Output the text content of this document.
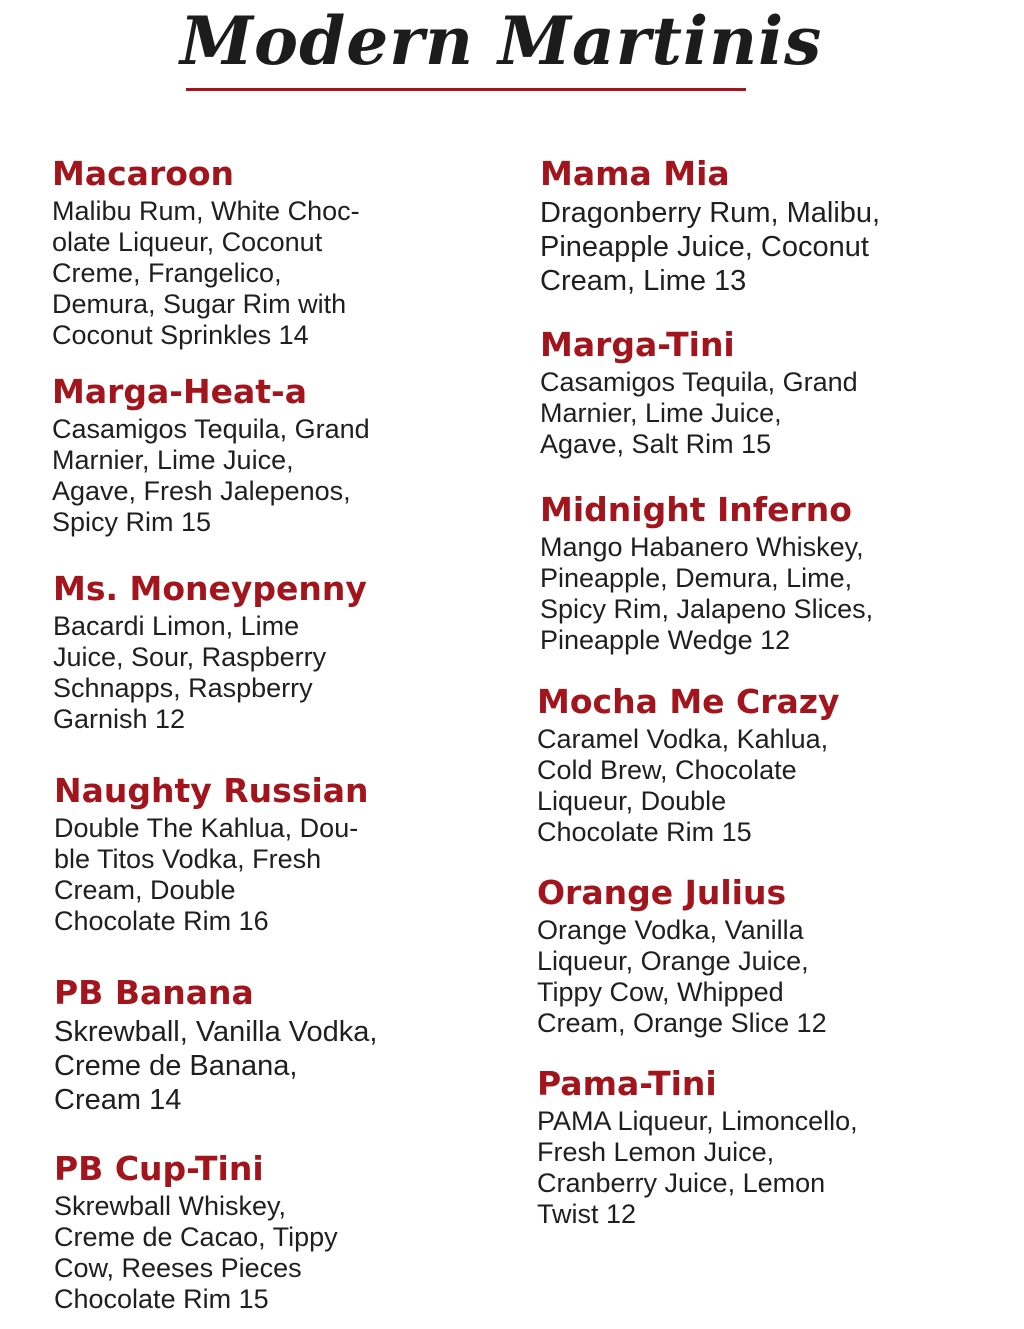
Modern Martinis
Macaroon
Malibu Rum, White Choc-
olate Liqueur, Coconut
Creme, Frangelico,
Demura, Sugar Rim with
Coconut Sprinkles 14
Marga-Heat-a
Casamigos Tequila, Grand
Marnier, Lime Juice,
Agave, Fresh Jalepenos,
Spicy Rim 15
Ms. Moneypenny
Bacardi Limon, Lime
Juice, Sour, Raspberry
Schnapps, Raspberry
Garnish 12
Naughty Russian
Double The Kahlua, Dou-
ble Titos Vodka, Fresh
Cream, Double
Chocolate Rim 16
PB Banana
Skrewball, Vanilla Vodka,
Creme de Banana,
Cream 14
PB Cup-Tini
Skrewball Whiskey,
Creme de Cacao, Tippy
Cow, Reeses Pieces
Chocolate Rim 15
Mama Mia
Dragonberry Rum, Malibu,
Pineapple Juice, Coconut
Cream, Lime 13
Marga-Tini
Casamigos Tequila, Grand
Marnier, Lime Juice,
Agave, Salt Rim 15
Midnight Inferno
Mango Habanero Whiskey,
Pineapple, Demura, Lime,
Spicy Rim, Jalapeno Slices,
Pineapple Wedge 12
Mocha Me Crazy
Caramel Vodka, Kahlua,
Cold Brew, Chocolate
Liqueur, Double
Chocolate Rim 15
Orange Julius
Orange Vodka, Vanilla
Liqueur, Orange Juice,
Tippy Cow, Whipped
Cream, Orange Slice 12
Pama-Tini
PAMA Liqueur, Limoncello,
Fresh Lemon Juice,
Cranberry Juice, Lemon
Twist 12
